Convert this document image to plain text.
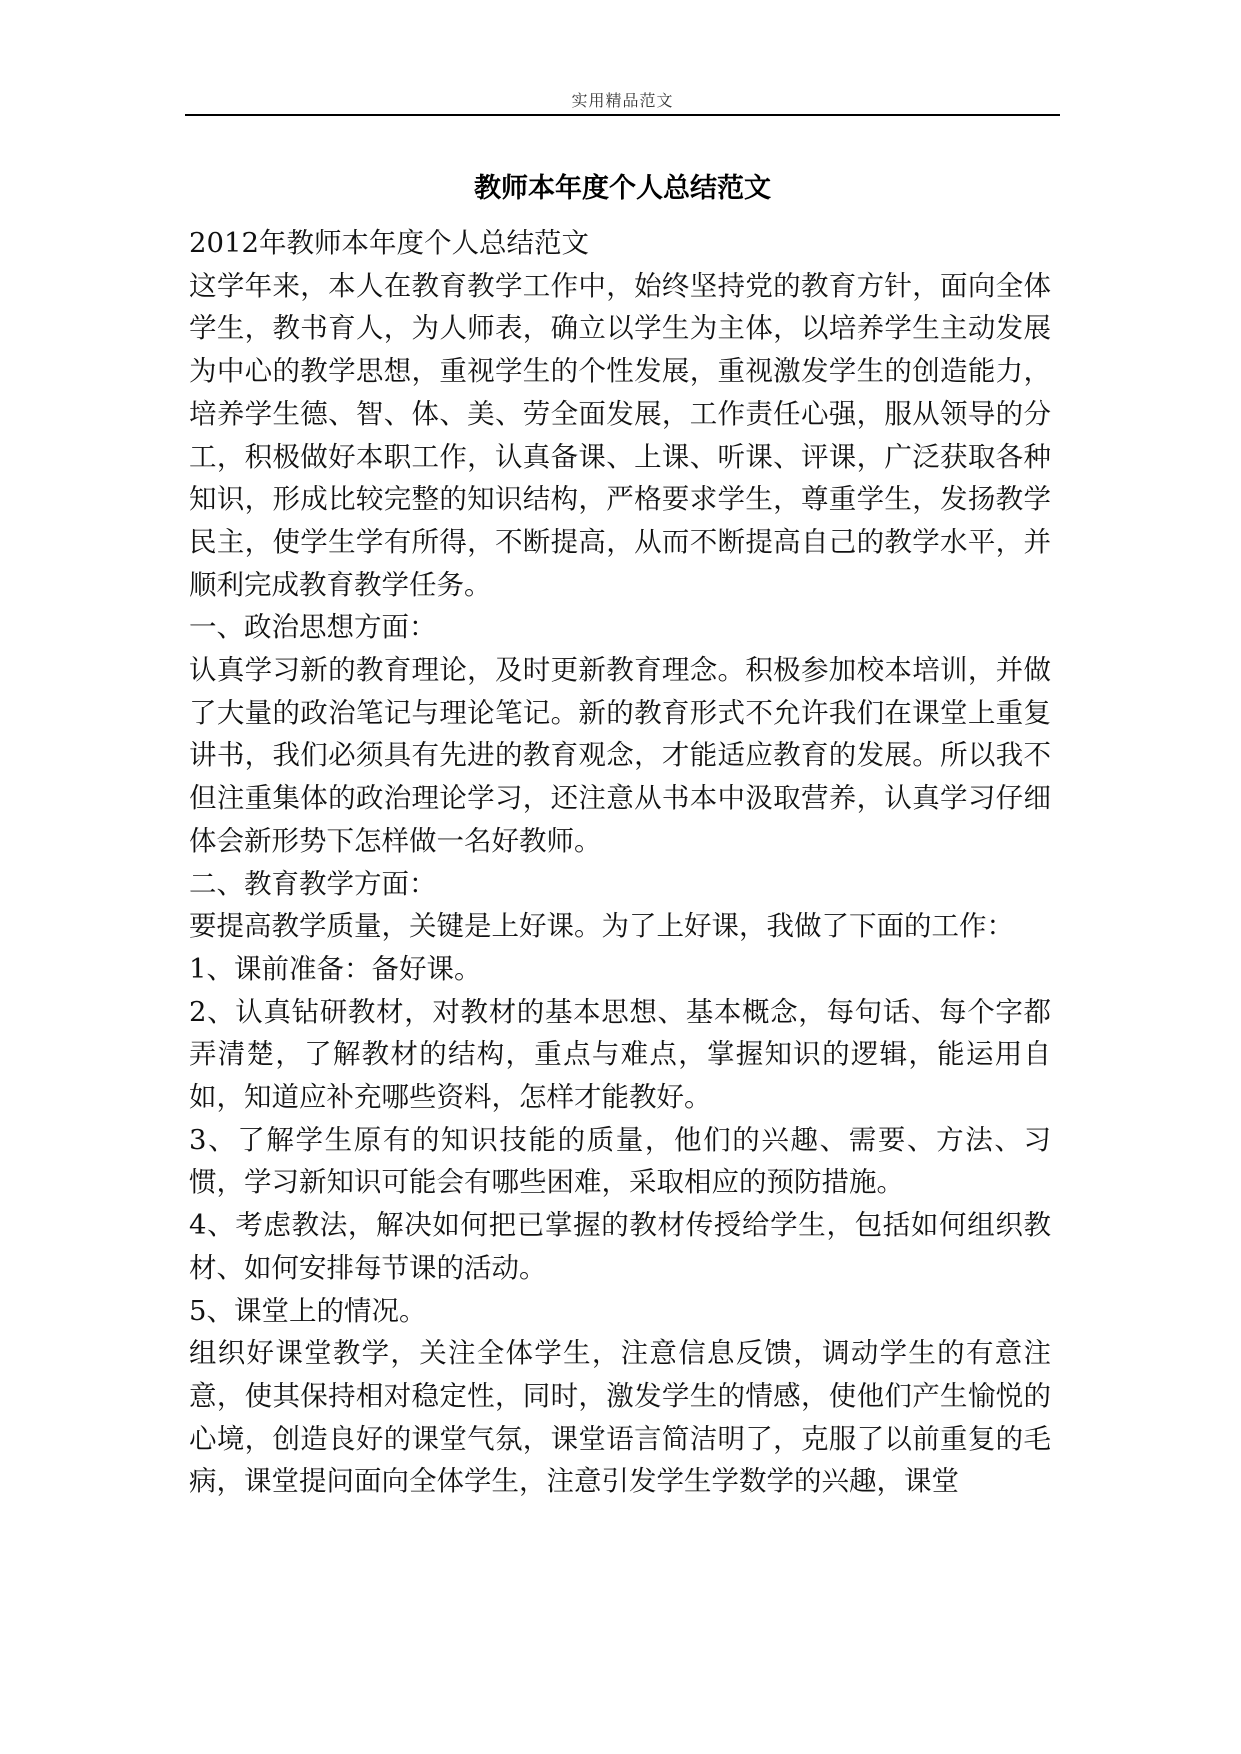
实用精品范文
教师本年度个人总结范文

2012年教师本年度个人总结范文

这学年来，本人在教育教学工作中，始终坚持党的教育方针，面向全体学生，教书育人，为人师表，确立以学生为主体，以培养学生主动发展为中心的教学思想，重视学生的个性发展，重视激发学生的创造能力，培养学生德、智、体、美、劳全面发展，工作责任心强，服从领导的分工，积极做好本职工作，认真备课、上课、听课、评课，广泛获取各种知识，形成比较完整的知识结构，严格要求学生，尊重学生，发扬教学民主，使学生学有所得，不断提高，从而不断提高自己的教学水平，并顺利完成教育教学任务。

一、政治思想方面：

认真学习新的教育理论，及时更新教育理念。积极参加校本培训，并做了大量的政治笔记与理论笔记。新的教育形式不允许我们在课堂上重复讲书，我们必须具有先进的教育观念，才能适应教育的发展。所以我不但注重集体的政治理论学习，还注意从书本中汲取营养，认真学习仔细体会新形势下怎样做一名好教师。

二、教育教学方面：

要提高教学质量，关键是上好课。为了上好课，我做了下面的工作：

1、课前准备：备好课。

2、认真钻研教材，对教材的基本思想、基本概念，每句话、每个字都弄清楚，了解教材的结构，重点与难点，掌握知识的逻辑，能运用自如，知道应补充哪些资料，怎样才能教好。

3、了解学生原有的知识技能的质量，他们的兴趣、需要、方法、习惯，学习新知识可能会有哪些困难，采取相应的预防措施。

4、考虑教法，解决如何把已掌握的教材传授给学生，包括如何组织教材、如何安排每节课的活动。

5、课堂上的情况。

组织好课堂教学，关注全体学生，注意信息反馈，调动学生的有意注意，使其保持相对稳定性，同时，激发学生的情感，使他们产生愉悦的心境，创造良好的课堂气氛，课堂语言简洁明了，克服了以前重复的毛病，课堂提问面向全体学生，注意引发学生学数学的兴趣，课堂
